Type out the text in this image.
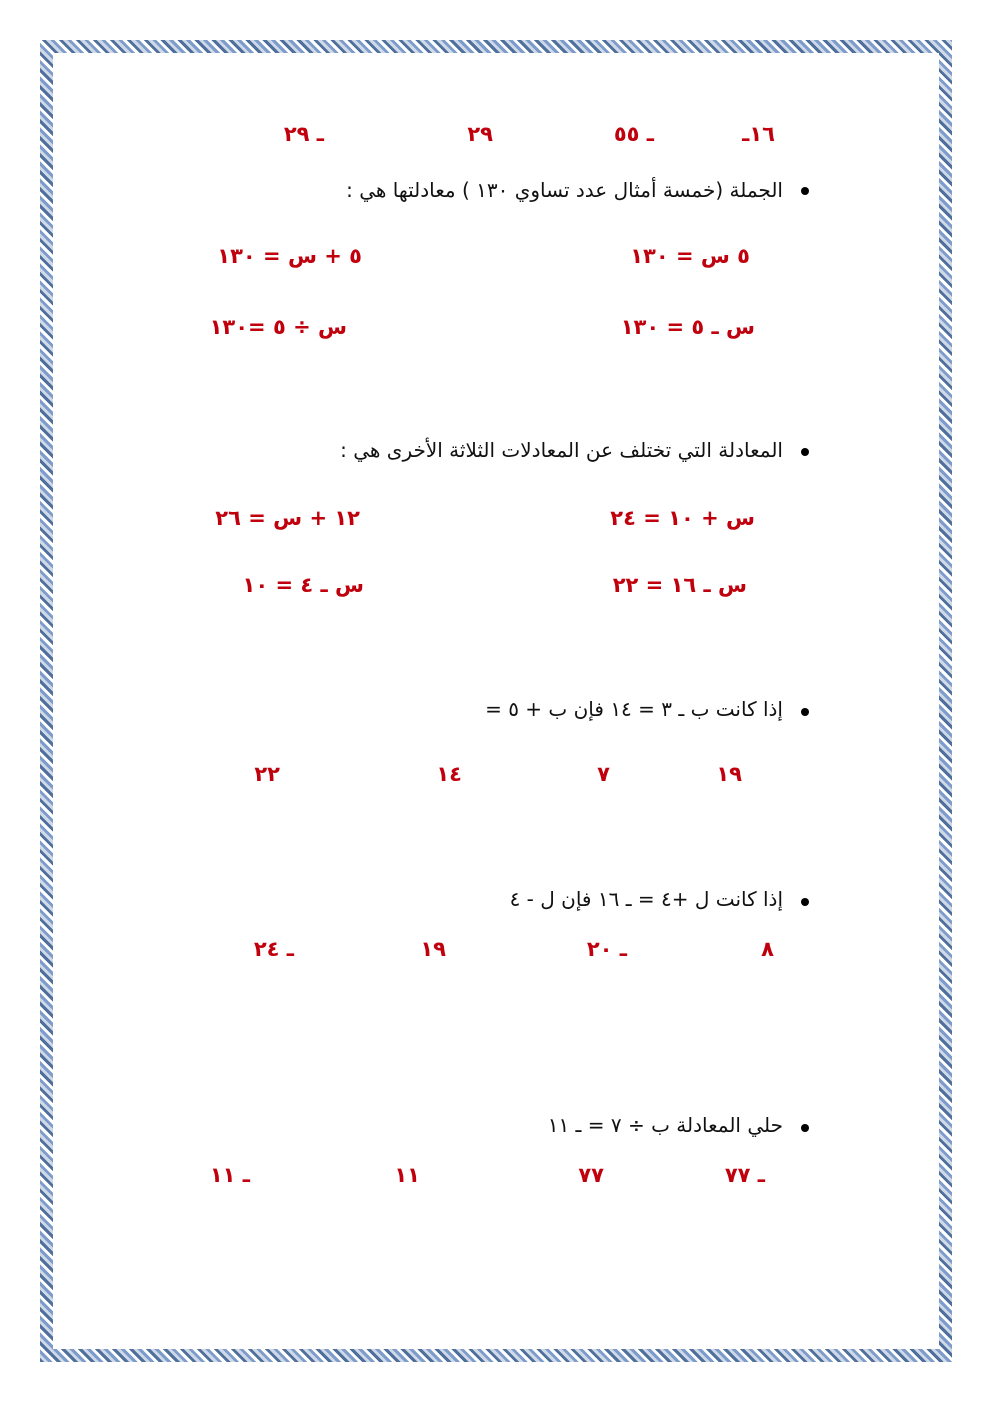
١٦ـ
ـ ٥٥
٢٩
ـ ٢٩
الجملة (خمسة أمثال عدد تساوي ١٣٠ ) معادلتها هي :
٥ س = ١٣٠
٥ + س = ١٣٠
س ـ ٥ = ١٣٠
س ÷ ٥ =١٣٠
المعادلة التي تختلف عن المعادلات الثلاثة الأخرى هي :
س + ١٠ = ٢٤
١٢ + س = ٢٦
س ـ ١٦ = ٢٢
س ـ ٤ = ١٠
إذا كانت ب ـ ٣ = ١٤ فإن ب + ٥ =
١٩
٧
١٤
٢٢
إذا كانت ل +٤ = ـ ١٦ فإن ل - ٤
٨
ـ ٢٠
١٩
ـ ٢٤
حلي المعادلة ب ÷ ٧ = ـ ١١
ـ ٧٧
٧٧
١١
ـ ١١
